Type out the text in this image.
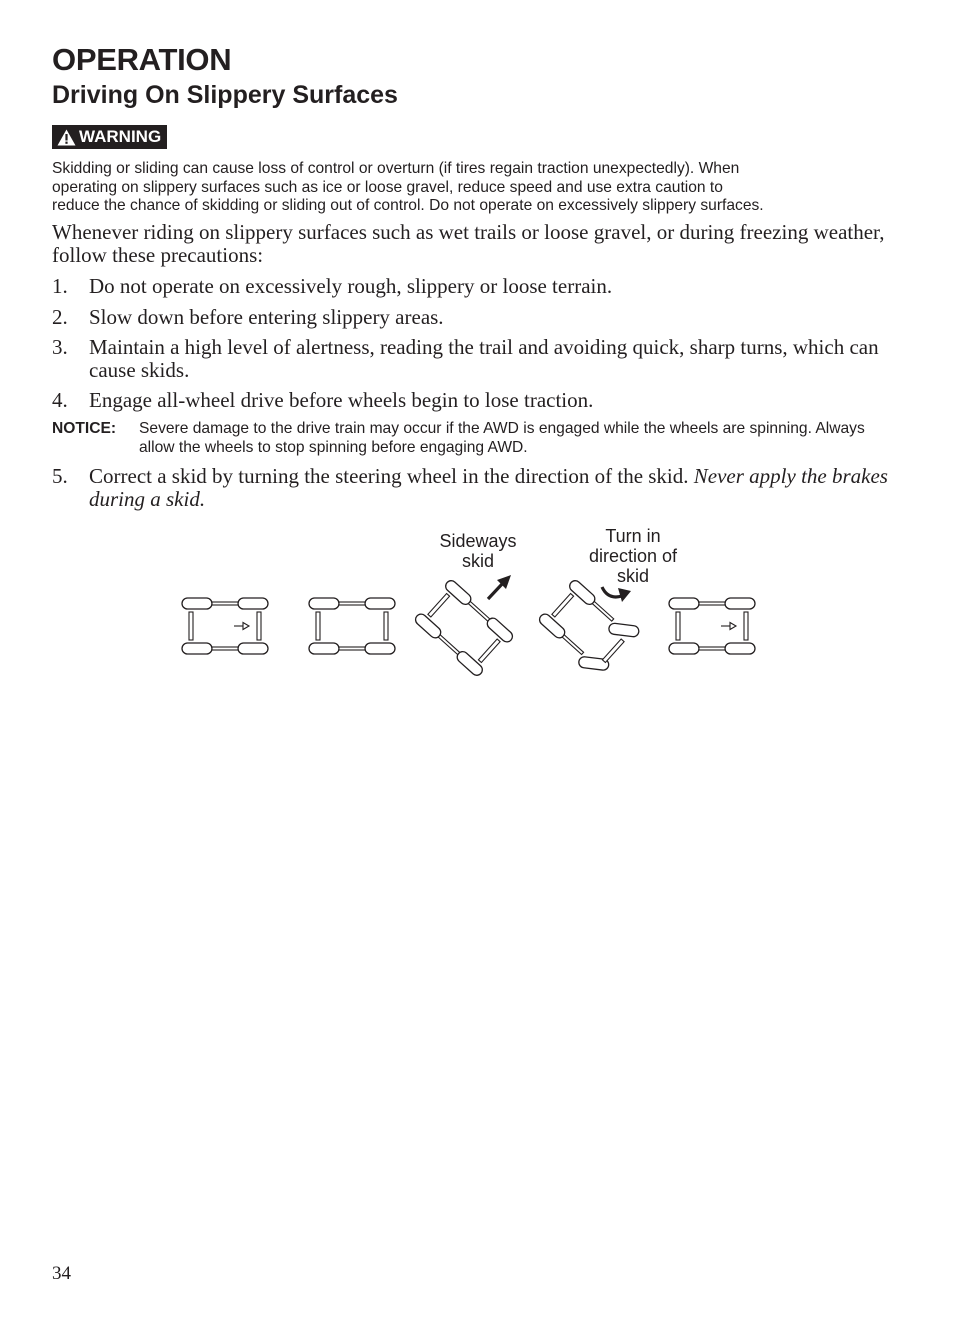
OPERATION
Driving On Slippery Surfaces
WARNING
Skidding or sliding can cause loss of control or overturn (if tires regain traction unexpectedly). When
operating on slippery surfaces such as ice or loose gravel, reduce speed and use extra caution to
reduce the chance of skidding or sliding out of control. Do not operate on excessively slippery surfaces.
Whenever riding on slippery surfaces such as wet trails or loose gravel, or during freezing weather, follow these precautions:
1.	Do not operate on excessively rough, slippery or loose terrain.
2.	Slow down before entering slippery areas.
3.	Maintain a high level of alertness, reading the trail and avoiding quick, sharp turns, which can cause skids.
4.	Engage all-wheel drive before wheels begin to lose traction.
NOTICE:	Severe damage to the drive train may occur if the AWD is engaged while the wheels are spinning. Always allow the wheels to stop spinning before engaging AWD.
5.	Correct a skid by turning the steering wheel in the direction of the skid. Never apply the brakes during a skid.
Sideways
skid
Turn in
direction of
skid
34
